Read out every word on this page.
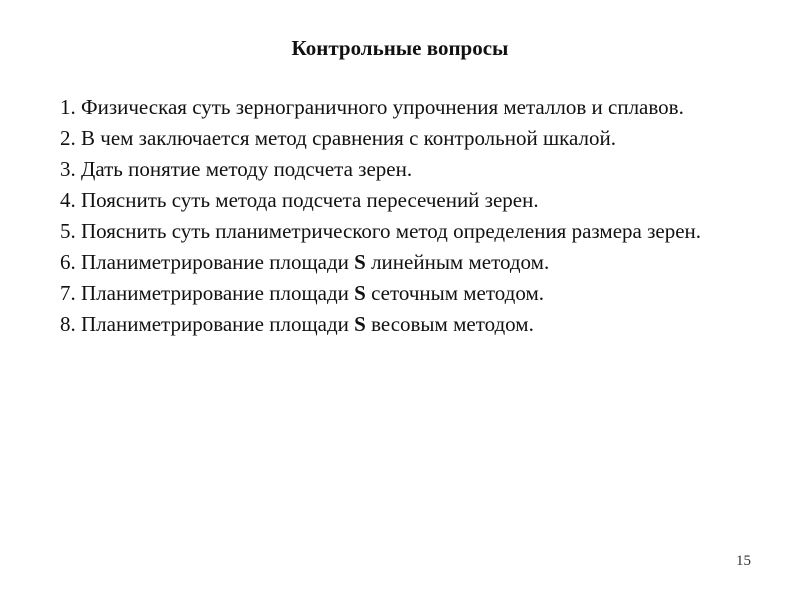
Контрольные вопросы
1. Физическая суть зернограничного упрочнения металлов и сплавов.
2. В чем заключается метод сравнения с контрольной шкалой.
3. Дать понятие методу подсчета зерен.
4. Пояснить суть метода подсчета пересечений зерен.
5. Пояснить суть планиметрического метод определения размера зерен.
6. Планиметрирование площади S линейным методом.
7. Планиметрирование площади S сеточным методом.
8. Планиметрирование площади S весовым методом.
15
